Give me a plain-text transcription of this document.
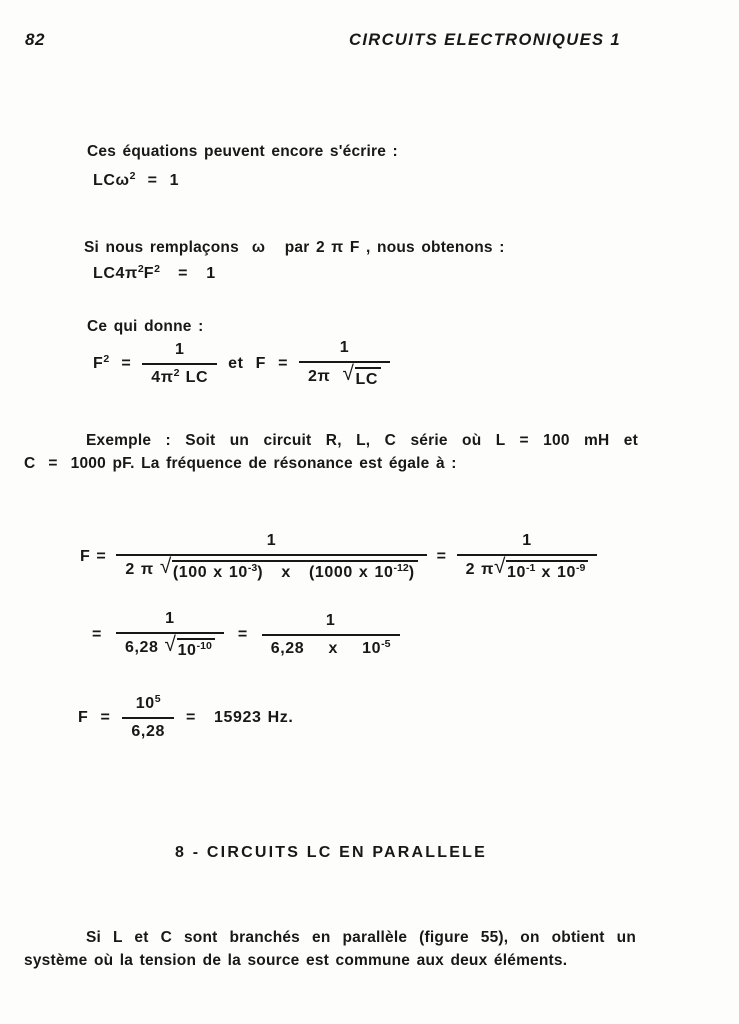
82	CIRCUITS ELECTRONIQUES 1

Ces équations peuvent encore s'écrire :

LCω$^2$  =  1

Si nous remplaçons  ω   par 2 π F , nous obtenons :

$LC4\pi^2F^2 = 1$

Ce qui donne :

$F^2 = \frac{1}{4\pi^2 LC}$ et  $F = \frac{1}{2\pi √ LC}$

Exemple : Soit un circuit R, L, C série où L = 100 mH et

C  =  1000 pF. La fréquence de résonance est égale à :

$F = \frac{1}{2 \pi √ (100 x 10^{-3}) x (1000 x 10^{-12})} = \frac{1}{2 \pi √ 10^{-1} x 10^{-9}}$
= $\frac{1}{6,28 √ 10^{-10}} = \frac{1}{6,28 x 10^{-5}}$
$F = \frac{10^5}{6,28} = 15923$ Hz.
8 - CIRCUITS LC EN PARALLELE

Si L et C sont branchés en parallèle (figure 55), on obtient un

système où la tension de la source est commune aux deux éléments.
